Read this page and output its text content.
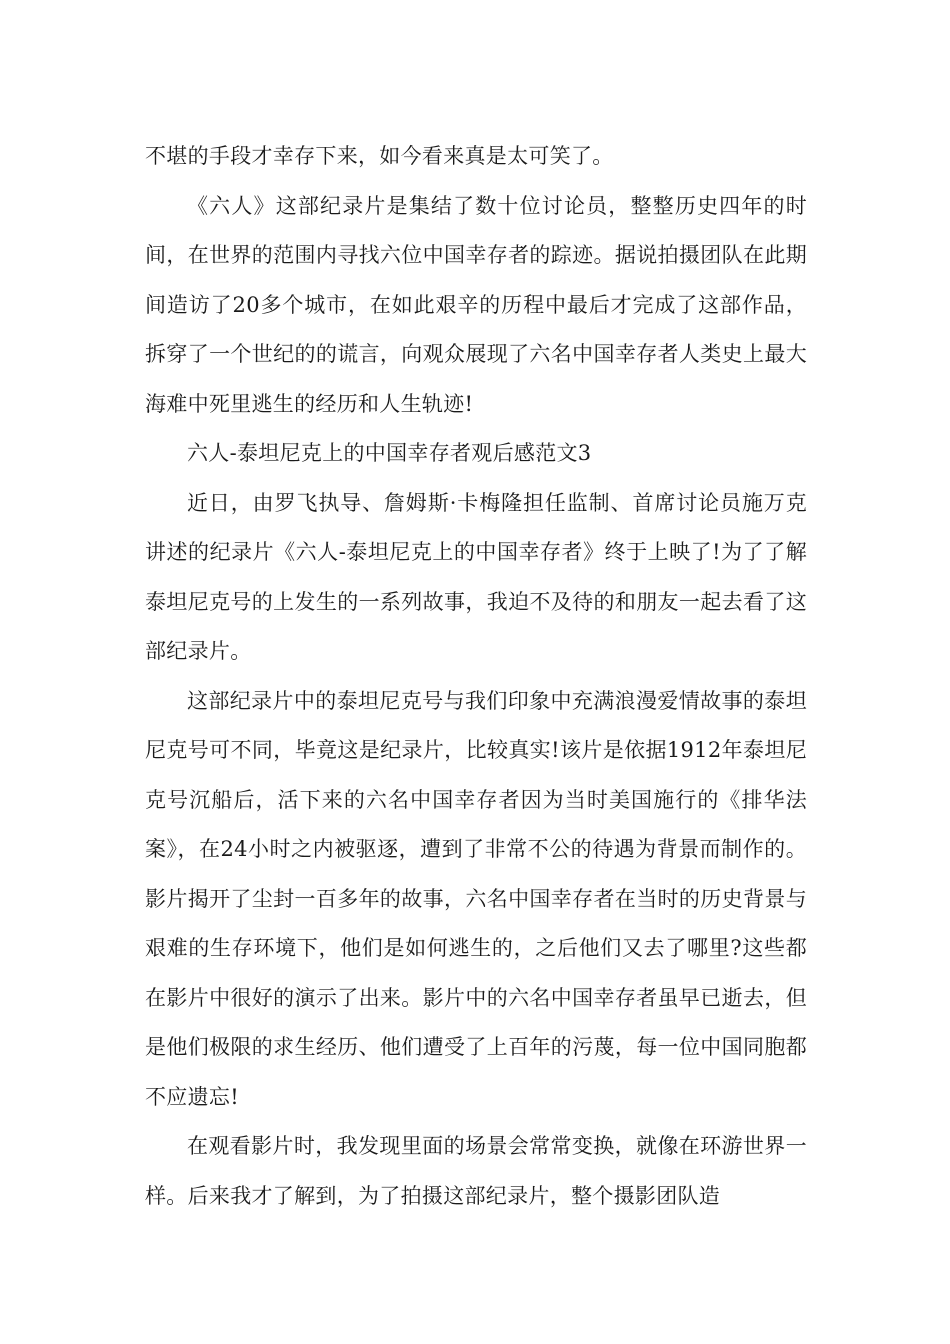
不堪的手段才幸存下来，如今看来真是太可笑了。

《六人》这部纪录片是集结了数十位讨论员，整整历史四年的时间，在世界的范围内寻找六位中国幸存者的踪迹。据说拍摄团队在此期间造访了20多个城市，在如此艰辛的历程中最后才完成了这部作品，拆穿了一个世纪的的谎言，向观众展现了六名中国幸存者人类史上最大海难中死里逃生的经历和人生轨迹!

六人-泰坦尼克上的中国幸存者观后感范文3

近日，由罗飞执导、詹姆斯·卡梅隆担任监制、首席讨论员施万克讲述的纪录片《六人-泰坦尼克上的中国幸存者》终于上映了!为了了解泰坦尼克号的上发生的一系列故事，我迫不及待的和朋友一起去看了这部纪录片。

这部纪录片中的泰坦尼克号与我们印象中充满浪漫爱情故事的泰坦尼克号可不同，毕竟这是纪录片，比较真实!该片是依据1912年泰坦尼克号沉船后，活下来的六名中国幸存者因为当时美国施行的《排华法案》，在24小时之内被驱逐，遭到了非常不公的待遇为背景而制作的。影片揭开了尘封一百多年的故事，六名中国幸存者在当时的历史背景与艰难的生存环境下，他们是如何逃生的，之后他们又去了哪里?这些都在影片中很好的演示了出来。影片中的六名中国幸存者虽早已逝去，但是他们极限的求生经历、他们遭受了上百年的污蔑，每一位中国同胞都不应遗忘!

在观看影片时，我发现里面的场景会常常变换，就像在环游世界一样。后来我才了解到，为了拍摄这部纪录片，整个摄影团队造
